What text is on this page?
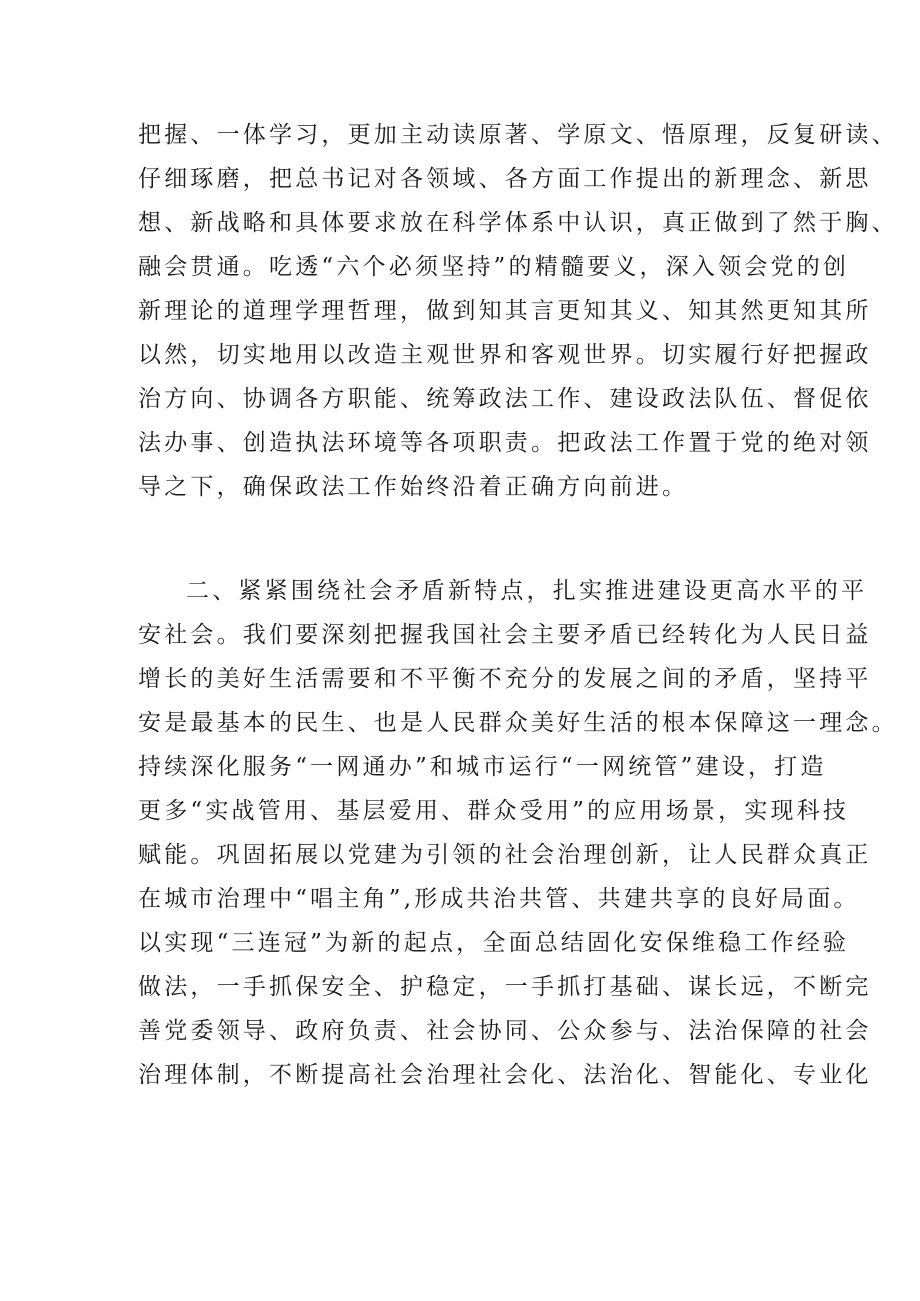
把握、一体学习，更加主动读原著、学原文、悟原理，反复研读、
仔细琢磨，把总书记对各领域、各方面工作提出的新理念、新思
想、新战略和具体要求放在科学体系中认识，真正做到了然于胸、
融会贯通。吃透“六个必须坚持”的精髓要义，深入领会党的创
新理论的道理学理哲理，做到知其言更知其义、知其然更知其所
以然，切实地用以改造主观世界和客观世界。切实履行好把握政
治方向、协调各方职能、统筹政法工作、建设政法队伍、督促依
法办事、创造执法环境等各项职责。把政法工作置于党的绝对领
导之下，确保政法工作始终沿着正确方向前进。
二、紧紧围绕社会矛盾新特点，扎实推进建设更高水平的平
安社会。我们要深刻把握我国社会主要矛盾已经转化为人民日益
增长的美好生活需要和不平衡不充分的发展之间的矛盾，坚持平
安是最基本的民生、也是人民群众美好生活的根本保障这一理念。
持续深化服务“一网通办”和城市运行“一网统管”建设，打造
更多“实战管用、基层爱用、群众受用”的应用场景，实现科技
赋能。巩固拓展以党建为引领的社会治理创新，让人民群众真正
在城市治理中“唱主角”,形成共治共管、共建共享的良好局面。
以实现“三连冠”为新的起点，全面总结固化安保维稳工作经验
做法，一手抓保安全、护稳定，一手抓打基础、谋长远，不断完
善党委领导、政府负责、社会协同、公众参与、法治保障的社会
治理体制，不断提高社会治理社会化、法治化、智能化、专业化
